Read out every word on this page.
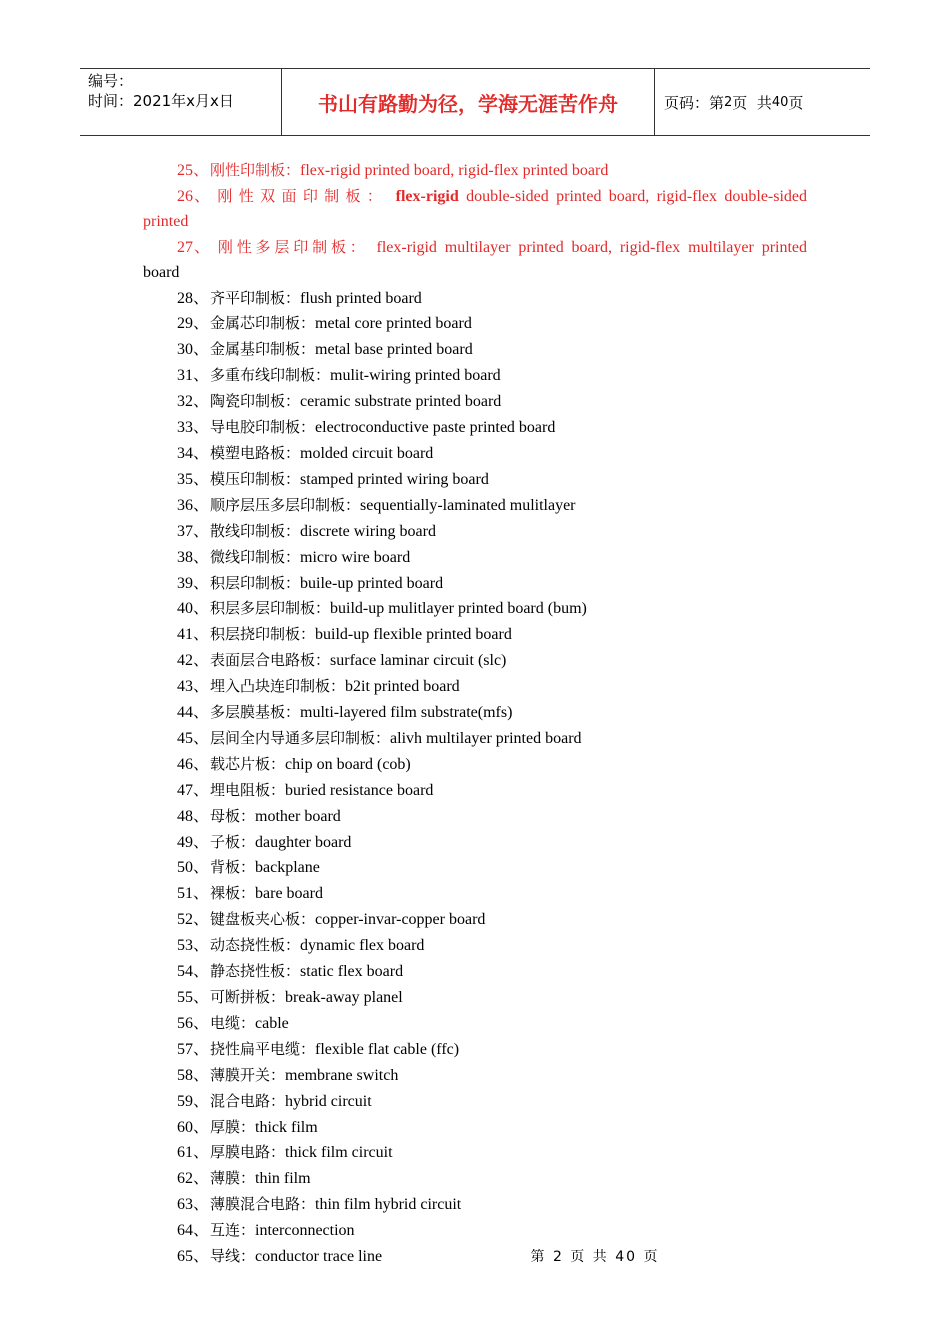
编号：
时间：2021年x月x日	书山有路勤为径，学海无涯苦作舟	页码：第 2 页  共 40 页
25、刚性印制板：flex-rigid printed board, rigid-flex printed board
26、 刚性双面印制板： flex-rigid double-sided printed board, rigid-flex double-sided
printed
27、 刚性多层印制板： flex-rigid multilayer printed board, rigid-flex multilayer printed
board
28、齐平印制板：flush printed board
29、金属芯印制板：metal core printed board
30、金属基印制板：metal base printed board
31、多重布线印制板：mulit-wiring printed board
32、陶瓷印制板：ceramic substrate printed board
33、导电胶印制板：electroconductive paste printed board
34、模塑电路板：molded circuit board
35、模压印制板：stamped printed wiring board
36、顺序层压多层印制板：sequentially-laminated mulitlayer
37、散线印制板：discrete wiring board
38、微线印制板：micro wire board
39、积层印制板：buile-up printed board
40、积层多层印制板：build-up mulitlayer printed board (bum)
41、积层挠印制板：build-up flexible printed board
42、表面层合电路板：surface laminar circuit (slc)
43、埋入凸块连印制板：b2it printed board
44、多层膜基板：multi-layered film substrate(mfs)
45、层间全内导通多层印制板：alivh multilayer printed board
46、载芯片板：chip on board (cob)
47、埋电阻板：buried resistance board
48、母板：mother board
49、子板：daughter board
50、背板：backplane
51、裸板：bare board
52、键盘板夹心板：copper-invar-copper board
53、动态挠性板：dynamic flex board
54、静态挠性板：static flex board
55、可断拼板：break-away planel
56、电缆：cable
57、挠性扁平电缆：flexible flat cable (ffc)
58、薄膜开关：membrane switch
59、混合电路：hybrid circuit
60、厚膜：thick film
61、厚膜电路：thick film circuit
62、薄膜：thin film
63、薄膜混合电路：thin film hybrid circuit
64、互连：interconnection
65、导线：conductor trace line	第 2 页 共 40 页
